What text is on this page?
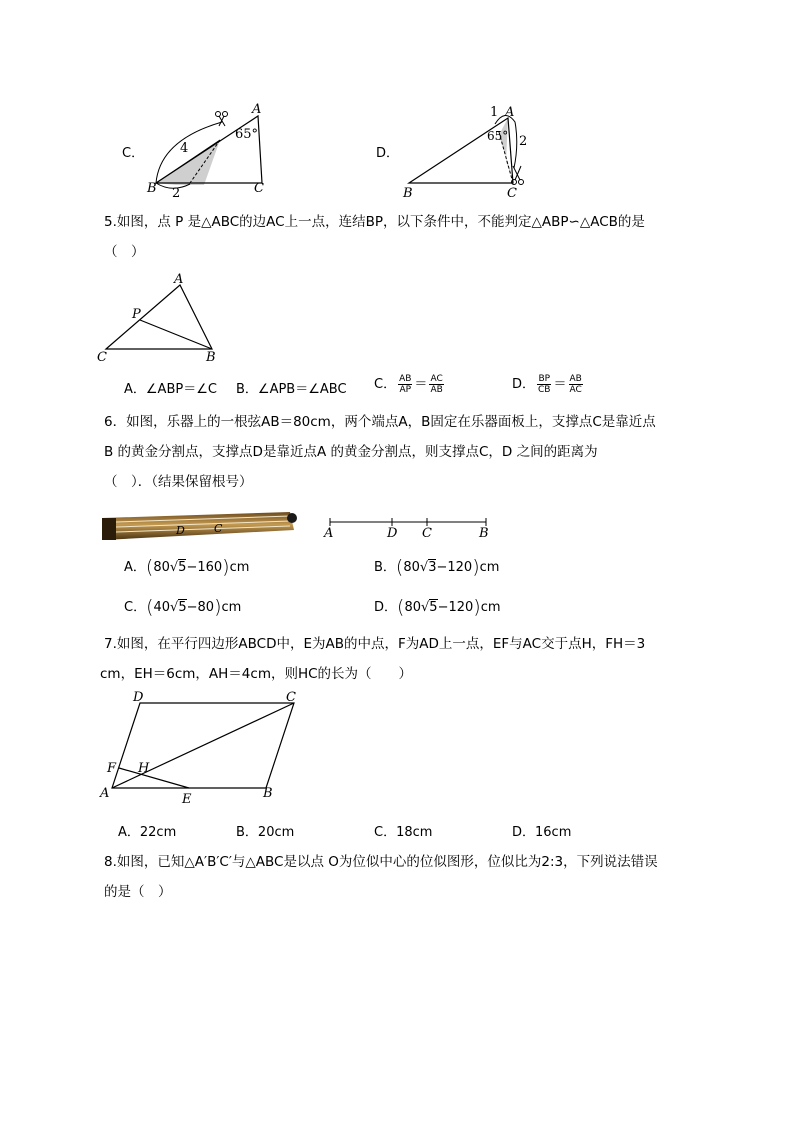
C．
A
65°
4
2
B	C
D．
A
1
65° 2
B	C
5.如图，点 P 是△ABC的边AC上一点，连结BP，以下条件中，不能判定△ABP∽△ACB的是
（　）
A
P
C	B
A．∠ABP＝∠C B．∠APB＝∠ABC C． $\frac{AB}{AP} = \frac{AC}{AB}$	D． $\frac{BP}{CB} = \frac{AB}{AC}$
6．如图，乐器上的一根弦AB＝80cm，两个端点A，B固定在乐器面板上，支撑点C是靠近点
B 的黄金分割点，支撑点D是靠近点A 的黄金分割点，则支撑点C，D 之间的距离为
（　）．（结果保留根号）
D	C	A	D C	B
A．(80√5−160)cm	B．(80√3−120)cm
C．(40√5−80)cm	D．(80√5−120)cm
7.如图，在平行四边形ABCD中，E为AB的中点，F为AD上一点，EF与AC交于点H，FH＝3
cm，EH＝6cm，AH＝4cm，则HC的长为（　　）
D	C
F H
A	E	B
A．22cm	B．20cm	C．18cm	D．16cm
8.如图，已知△A′B′C′与△ABC是以点 O为位似中心的位似图形，位似比为2:3，下列说法错误
的是（　）
